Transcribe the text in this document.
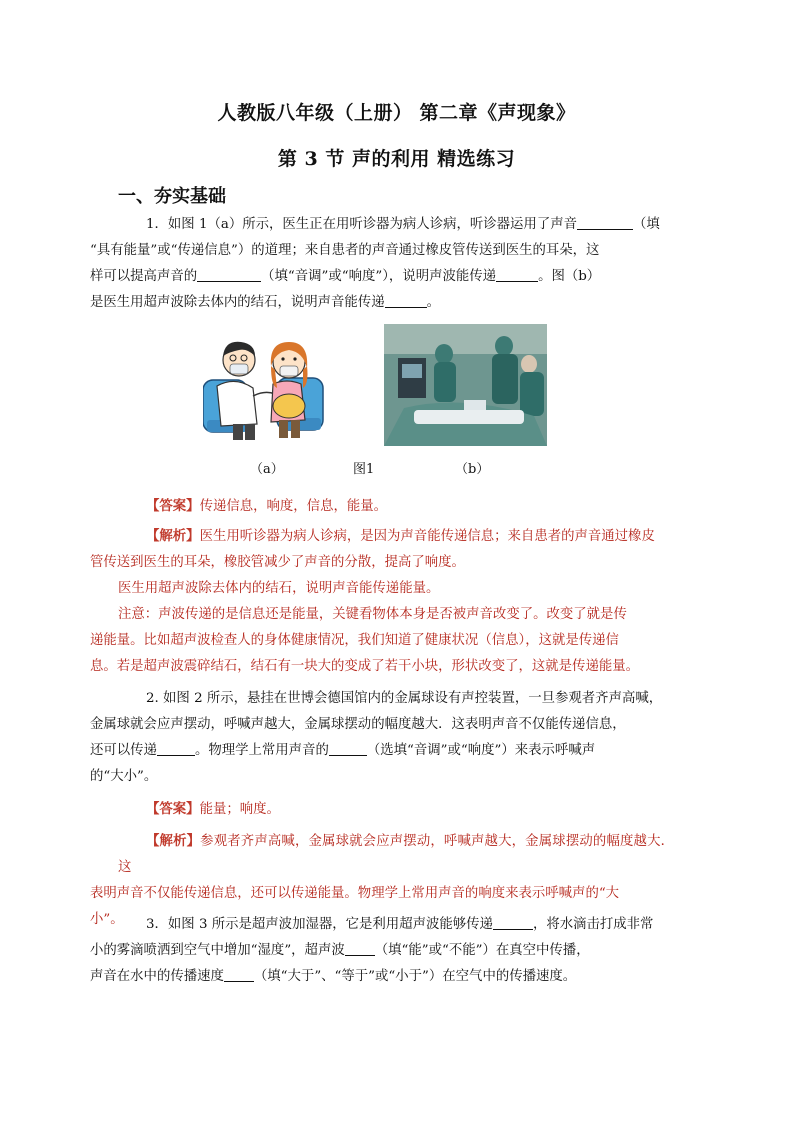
人教版八年级（上册） 第二章《声现象》
第 3 节 声的利用 精选练习
一、夯实基础
1．如图 1（a）所示，医生正在用听诊器为病人诊病，听诊器运用了声音	（填
“具有能量”或“传递信息”）的道理；来自患者的声音通过橡皮管传送到医生的耳朵，这
样可以提高声音的	（填“音调”或“响度”），说明声波能传递	。图（b）
是医生用超声波除去体内的结石，说明声音能传递	。
（a）	图1	（b）
【答案】传递信息，响度，信息，能量。
【解析】医生用听诊器为病人诊病，是因为声音能传递信息；来自患者的声音通过橡皮
管传送到医生的耳朵，橡胶管减少了声音的分散，提高了响度。
医生用超声波除去体内的结石，说明声音能传递能量。
注意：声波传递的是信息还是能量，关键看物体本身是否被声音改变了。改变了就是传
递能量。比如超声波检查人的身体健康情况，我们知道了健康状况（信息），这就是传递信
息。若是超声波震碎结石，结石有一块大的变成了若干小块，形状改变了，这就是传递能量。
2. 如图 2 所示，悬挂在世博会德国馆内的金属球设有声控装置，一旦参观者齐声高喊，
金属球就会应声摆动，呼喊声越大，金属球摆动的幅度越大．这表明声音不仅能传递信息，
还可以传递	。物理学上常用声音的	（选填“音调”或“响度”）来表示呼喊声
的“大小”。
【答案】能量；响度。
【解析】参观者齐声高喊，金属球就会应声摆动，呼喊声越大，金属球摆动的幅度越大．这
表明声音不仅能传递信息，还可以传递能量。物理学上常用声音的响度来表示呼喊声的“大
小”。	3．如图 3 所示是超声波加湿器，它是利用超声波能够传递	，将水滴击打成非常
小的雾滴喷洒到空气中增加“湿度”，超声波 （填“能”或“不能”）在真空中传播，
声音在水中的传播速度 （填“大于”、“等于”或“小于”）在空气中的传播速度。
